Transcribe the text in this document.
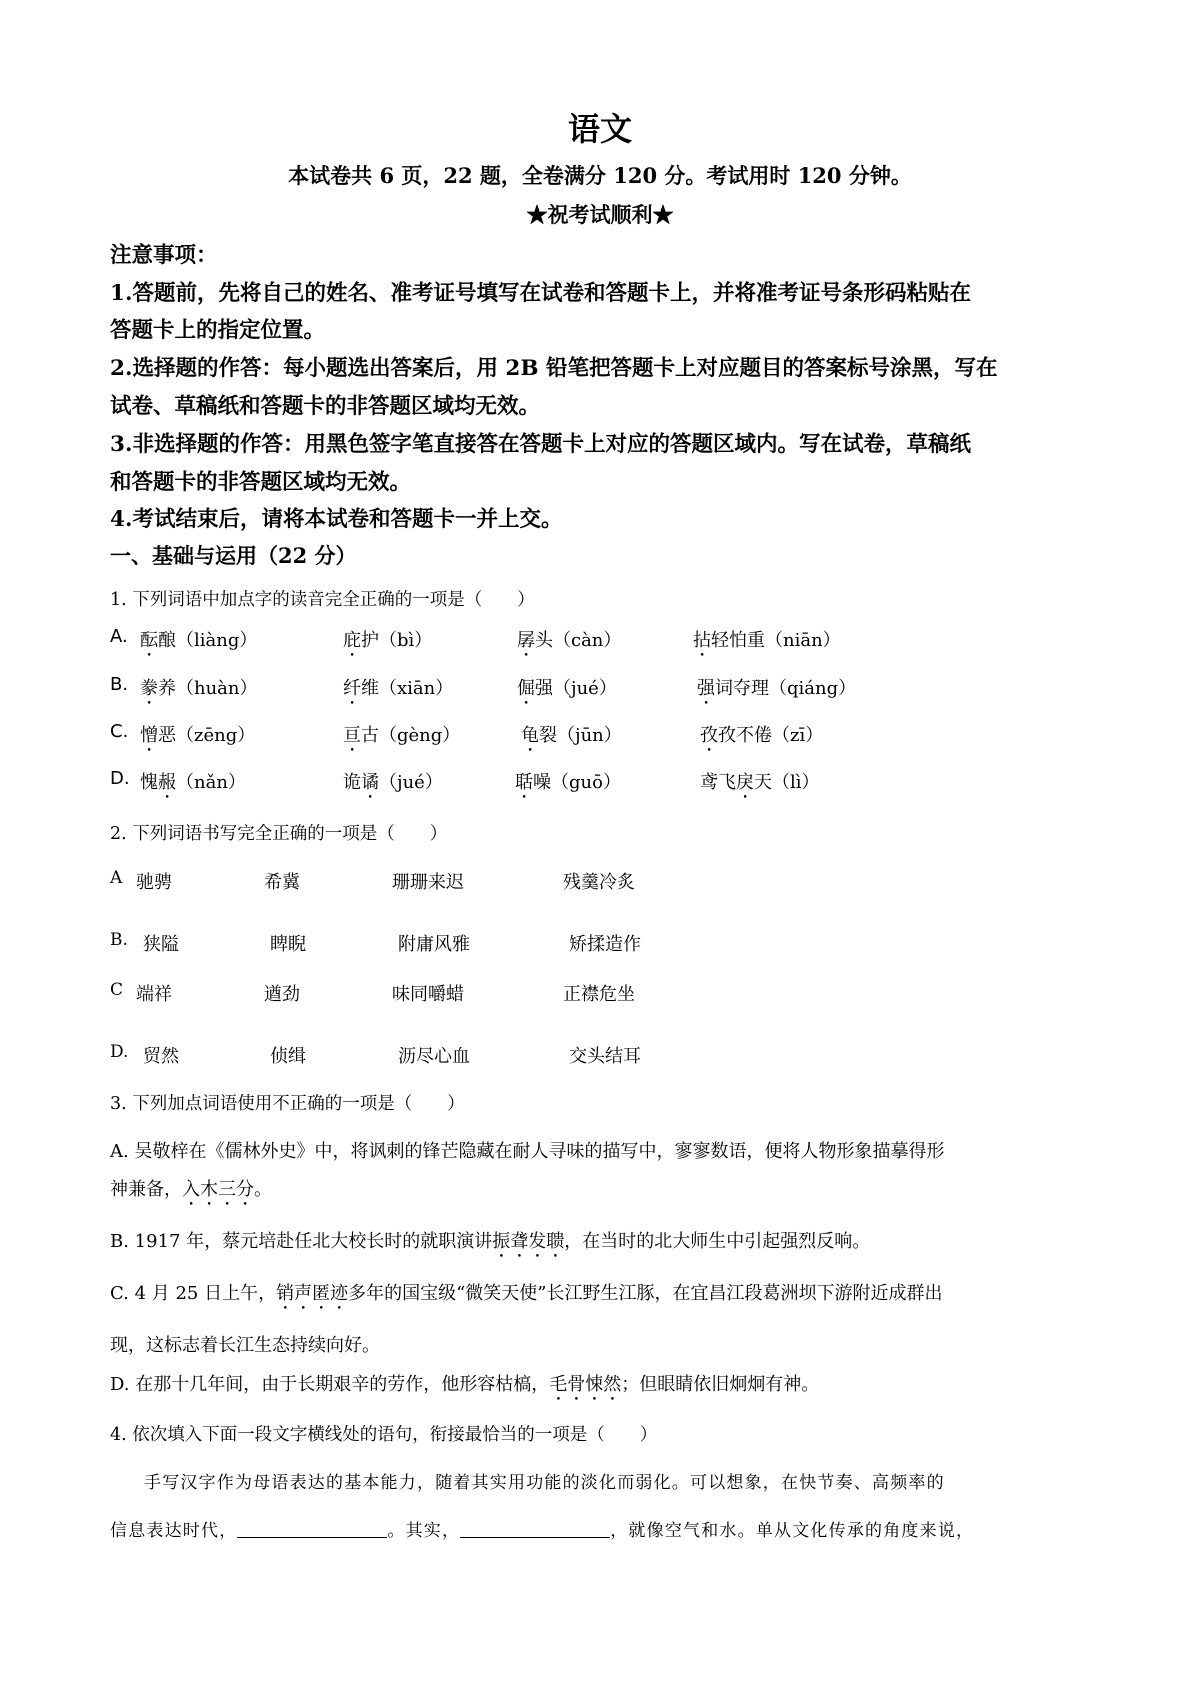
语文
本试卷共 6 页，22 题，全卷满分 120 分。考试用时 120 分钟。
★祝考试顺利★
注意事项：
1.答题前，先将自己的姓名、准考证号填写在试卷和答题卡上，并将准考证号条形码粘贴在
答题卡上的指定位置。
2.选择题的作答：每小题选出答案后，用 2B 铅笔把答题卡上对应题目的答案标号涂黑，写在
试卷、草稿纸和答题卡的非答题区域均无效。
3.非选择题的作答：用黑色签字笔直接答在答题卡上对应的答题区域内。写在试卷，草稿纸
和答题卡的非答题区域均无效。
4.考试结束后，请将本试卷和答题卡一并上交。
一、基础与运用（22 分）
1. 下列词语中加点字的读音完全正确的一项是（　　）
A. 酝酿（liàng）	庇护（bì）	孱头（càn）	拈轻怕重（niān）
B. 豢养（huàn）	纤维（xiān）	倔强（jué）	强词夺理（qiáng）
C. 憎恶（zēng）	亘古（gèng）	龟裂（jūn）	孜孜不倦（zī）
D. 愧赧（nǎn）	诡谲（jué）	聒噪（guō）	鸢飞戾天（lì）
2. 下列词语书写完全正确的一项是（　　）
A 驰骋	希冀	珊珊来迟	残羹冷炙
B. 狭隘	睥睨	附庸风雅	矫揉造作
C 端祥	遒劲	味同嚼蜡	正襟危坐
D. 贸然	侦缉	沥尽心血	交头结耳
3. 下列加点词语使用不正确的一项是（　　）
A. 吴敬梓在《儒林外史》中，将讽刺的锋芒隐藏在耐人寻味的描写中，寥寥数语，便将人物形象描摹得形
神兼备，入木三分。
B. 1917 年，蔡元培赴任北大校长时的就职演讲振聋发聩，在当时的北大师生中引起强烈反响。
C. 4 月 25 日上午，销声匿迹多年的国宝级“微笑天使”长江野生江豚，在宜昌江段葛洲坝下游附近成群出
现，这标志着长江生态持续向好。
D. 在那十几年间，由于长期艰辛的劳作，他形容枯槁，毛骨悚然；但眼睛依旧炯炯有神。
4. 依次填入下面一段文字横线处的语句，衔接最恰当的一项是（　　）
手写汉字作为母语表达的基本能力，随着其实用功能的淡化而弱化。可以想象，在快节奏、高频率的
信息表达时代，	。其实，	，就像空气和水。单从文化传承的角度来说，
